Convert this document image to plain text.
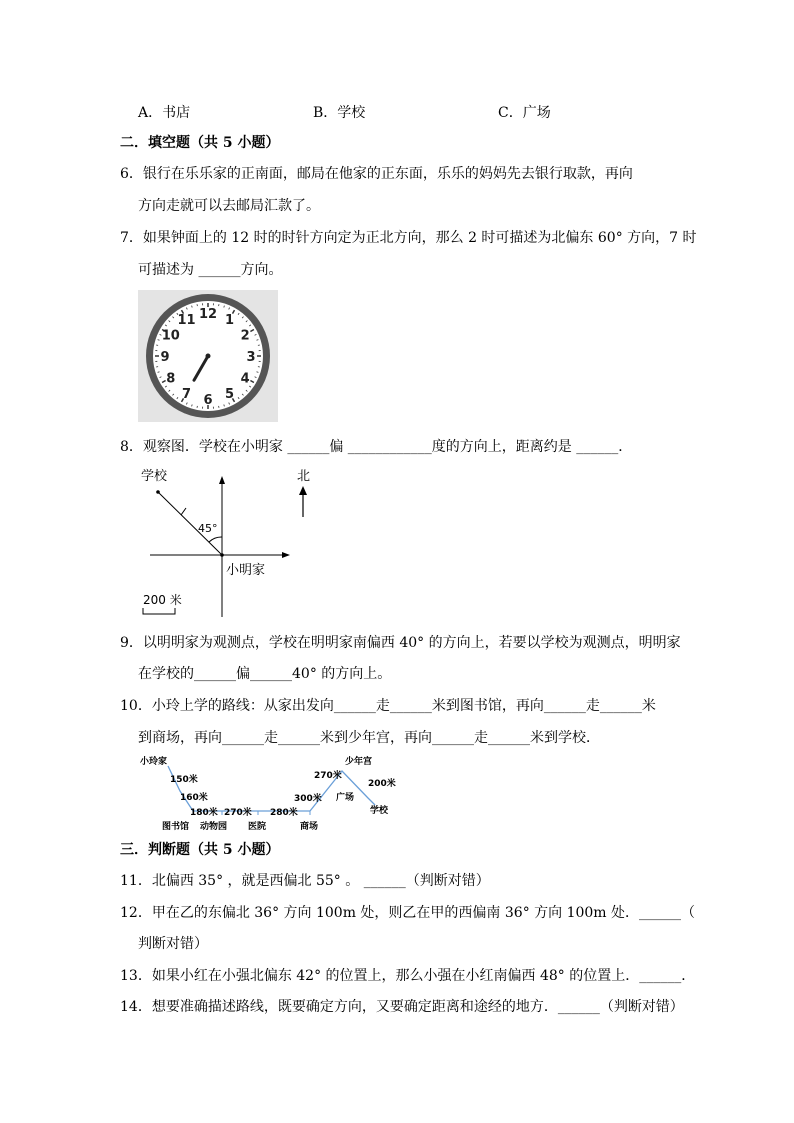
A．书店	B．学校	C．广场
二．填空题（共 5 小题）
6．银行在乐乐家的正南面，邮局在他家的正东面，乐乐的妈妈先去银行取款，再向
方向走就可以去邮局汇款了。
7．如果钟面上的 12 时的时针方向定为正北方向，那么 2 时可描述为北偏东 60° 方向，7 时
可描述为 ______方向。
12 1
2
3
4
5
6
7
8
9
10
11
8．观察图．学校在小明家 ______偏 ____________度的方向上，距离约是 ______．
学校
45°
小明家
北
200 米
9．以明明家为观测点，学校在明明家南偏西 40° 的方向上，若要以学校为观测点，明明家
在学校的______偏______40° 的方向上。
10．小玲上学的路线：从家出发向______走______米到图书馆，再向______走______米
到商场，再向______走______米到少年宫，再向______走______米到学校．
小玲家
图书馆 动物园 医院	商场
广场
少年宫
学校
150米
160米
180米 270米 280米
300米
270米
200米
三．判断题（共 5 小题）
11．北偏西 35° ，就是西偏北 55° 。 ______（判断对错）
12．甲在乙的东偏北 36° 方向 100m 处，则乙在甲的西偏南 36° 方向 100m 处．______（
判断对错）
13．如果小红在小强北偏东 42° 的位置上，那么小强在小红南偏西 48° 的位置上．______．
14．想要准确描述路线，既要确定方向，又要确定距离和途经的地方．______（判断对错）
